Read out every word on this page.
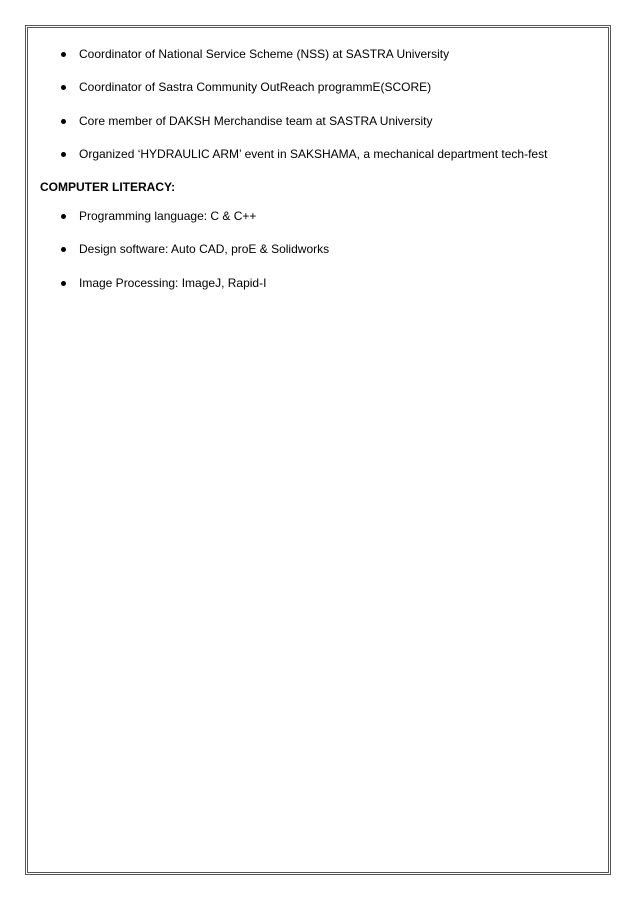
Coordinator of National Service Scheme (NSS) at SASTRA University
Coordinator of Sastra Community OutReach programmE(SCORE)
Core member of DAKSH Merchandise team at SASTRA University
Organized ‘HYDRAULIC ARM’ event in SAKSHAMA, a mechanical department tech-fest
COMPUTER LITERACY:
Programming language: C & C++
Design software: Auto CAD, proE & Solidworks
Image Processing: ImageJ, Rapid-I
